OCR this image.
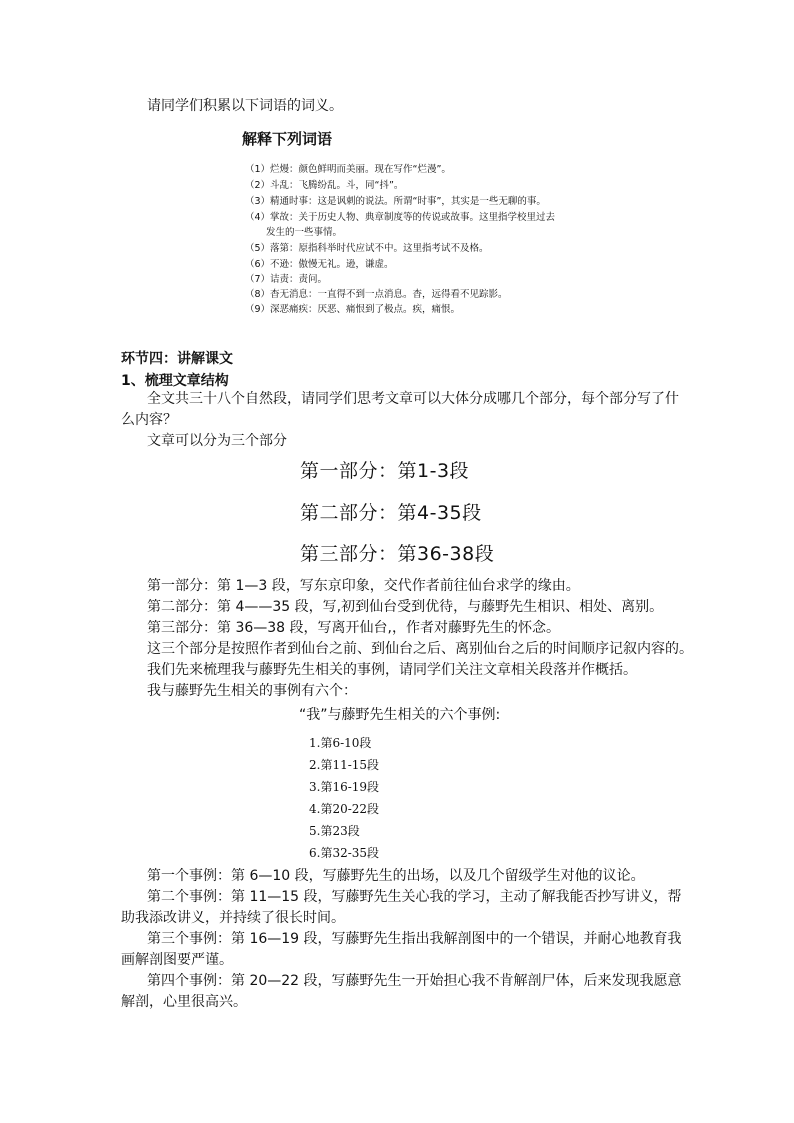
请同学们积累以下词语的词义。
解释下列词语
（1）烂熳：颜色鲜明而美丽。现在写作“烂漫”。
（2）斗乱：飞腾纷乱。斗，同“抖”。
（3）精通时事：这是讽刺的说法。所谓“时事”，其实是一些无聊的事。
（4）掌故：关于历史人物、典章制度等的传说或故事。这里指学校里过去
发生的一些事情。
（5）落第：原指科举时代应试不中。这里指考试不及格。
（6）不逊：傲慢无礼。逊，谦虚。
（7）诘责：责问。
（8）杳无消息：一直得不到一点消息。杳，远得看不见踪影。
（9）深恶痛疾：厌恶、痛恨到了极点。疾，痛恨。
环节四：讲解课文
1、梳理文章结构
全文共三十八个自然段，请同学们思考文章可以大体分成哪几个部分，每个部分写了什
么内容？
文章可以分为三个部分
第一部分：第1-3段
第二部分：第4-35段
第三部分：第36-38段
第一部分：第 1—3 段，写东京印象，交代作者前往仙台求学的缘由。
第二部分：第 4——35 段，写,初到仙台受到优待，与藤野先生相识、相处、离别。
第三部分：第 36—38 段，写离开仙台,，作者对藤野先生的怀念。
这三个部分是按照作者到仙台之前、到仙台之后、离别仙台之后的时间顺序记叙内容的。
我们先来梳理我与藤野先生相关的事例，请同学们关注文章相关段落并作概括。
我与藤野先生相关的事例有六个：
“我”与藤野先生相关的六个事例:
1.第6-10段
2.第11-15段
3.第16-19段
4.第20-22段
5.第23段
6.第32-35段
第一个事例：第 6—10 段，写藤野先生的出场，以及几个留级学生对他的议论。
第二个事例：第 11—15 段，写藤野先生关心我的学习，主动了解我能否抄写讲义，帮
助我添改讲义，并持续了很长时间。
第三个事例：第 16—19 段，写藤野先生指出我解剖图中的一个错误，并耐心地教育我
画解剖图要严谨。
第四个事例：第 20—22 段，写藤野先生一开始担心我不肯解剖尸体，后来发现我愿意
解剖，心里很高兴。
